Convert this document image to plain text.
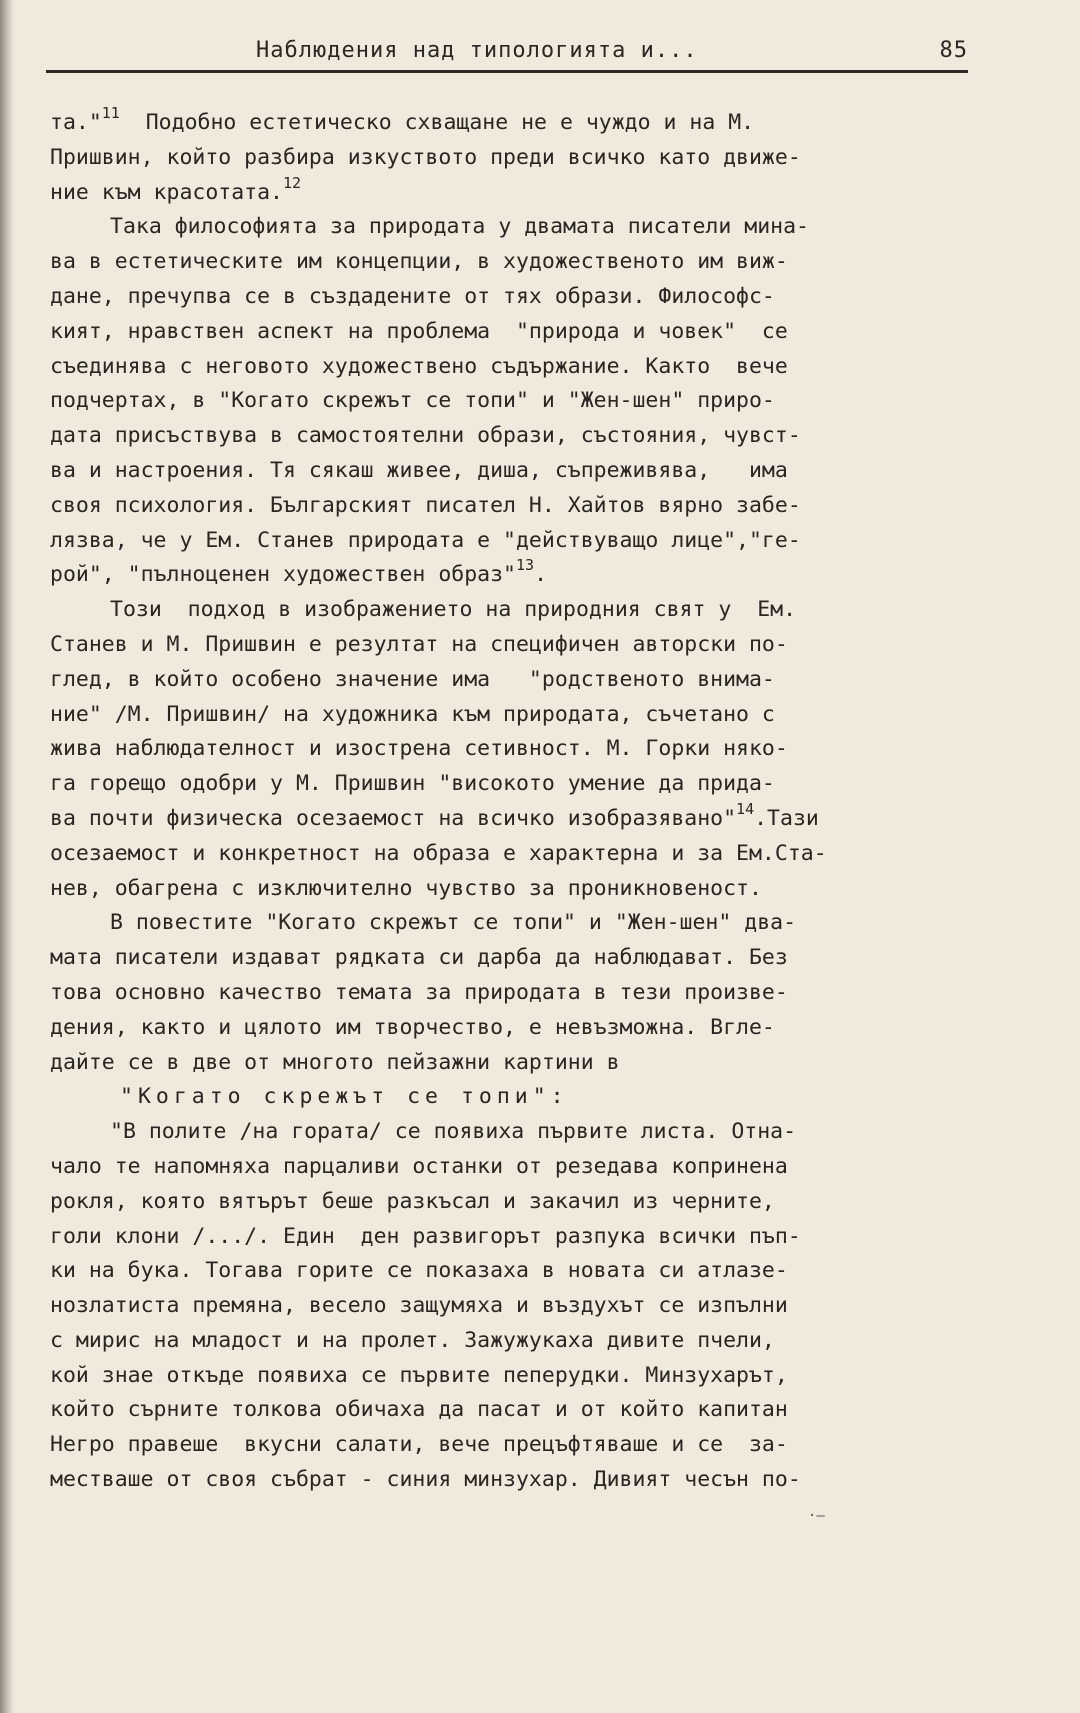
Наблюдения над типологията и...	85
та."$^{11}$  Подобно естетическо схващане не е чуждо и на М.
Пришвин, който разбира изкуството преди всичко като движе-
ние към красотата.$^{12}$
Така философията за природата у двамата писатели мина-
ва в естетическите им концепции, в художественото им виж-
дане, пречупва се в създадените от тях образи. Философс-
кият, нравствен аспект на проблема  "природа и човек"  се
съединява с неговото художествено съдържание. Както  вече
подчертах, в "Когато скрежът се топи" и "Жен-шен" приро-
дата присъствува в самостоятелни образи, състояния, чувст-
ва и настроения. Тя сякаш живее, диша, съпреживява,   има
своя психология. Българският писател Н. Хайтов вярно забе-
лязва, че у Ем. Станев природата е "действуващо лице","ге-
рой", "пълноценен художествен образ"$^{13}$.
Този  подход в изображението на природния свят у  Ем.
Станев и М. Пришвин е резултат на специфичен авторски по-
глед, в който особено значение има   "родственото внима-
ние" /М. Пришвин/ на художника към природата, съчетано с
жива наблюдателност и изострена сетивност. М. Горки някo-
га горещо одобри у М. Пришвин "високото умение да прида-
ва почти физическа осезаемост на всичко изобразявано"$^{14}$.Тази
осезаемост и конкретност на образа е характерна и за Ем.Ста-
нев, обагрена с изключително чувство за проникновеност.
В повестите "Когато скрежът се топи" и "Жен-шен" два-
мата писатели издават рядката си дарба да наблюдават. Без
това основно качество темата за природата в тези произве-
дения, както и цялото им творчество, е невъзможна. Вгле-
дайте се в две от многото пейзажни картини в
"Когато скрежът се топи":
"В полите /на гората/ се появиха първите листа. Отна-
чало те напомняха парцаливи останки от резедава копринена
рокля, която вятърът беше разкъсал и закачил из черните,
голи клони /.../. Един  ден развигорът разпука всички пъп-
ки на бука. Тогава горите се показаха в новата си атлазе-
нозлатиста премяна, весело защумяха и въздухът се изпълни
с мирис на младост и на пролет. Зажужукаха дивите пчели,
кой знае откъде появиха се първите пеперудки. Минзухарът,
който сърните толкова обичаха да пасат и от който капитан
Негро правеше  вкусни салати, вече прецъфтяваше и се  за-
местваше от своя събрат - синия минзухар. Дивият чесън по-
·–
